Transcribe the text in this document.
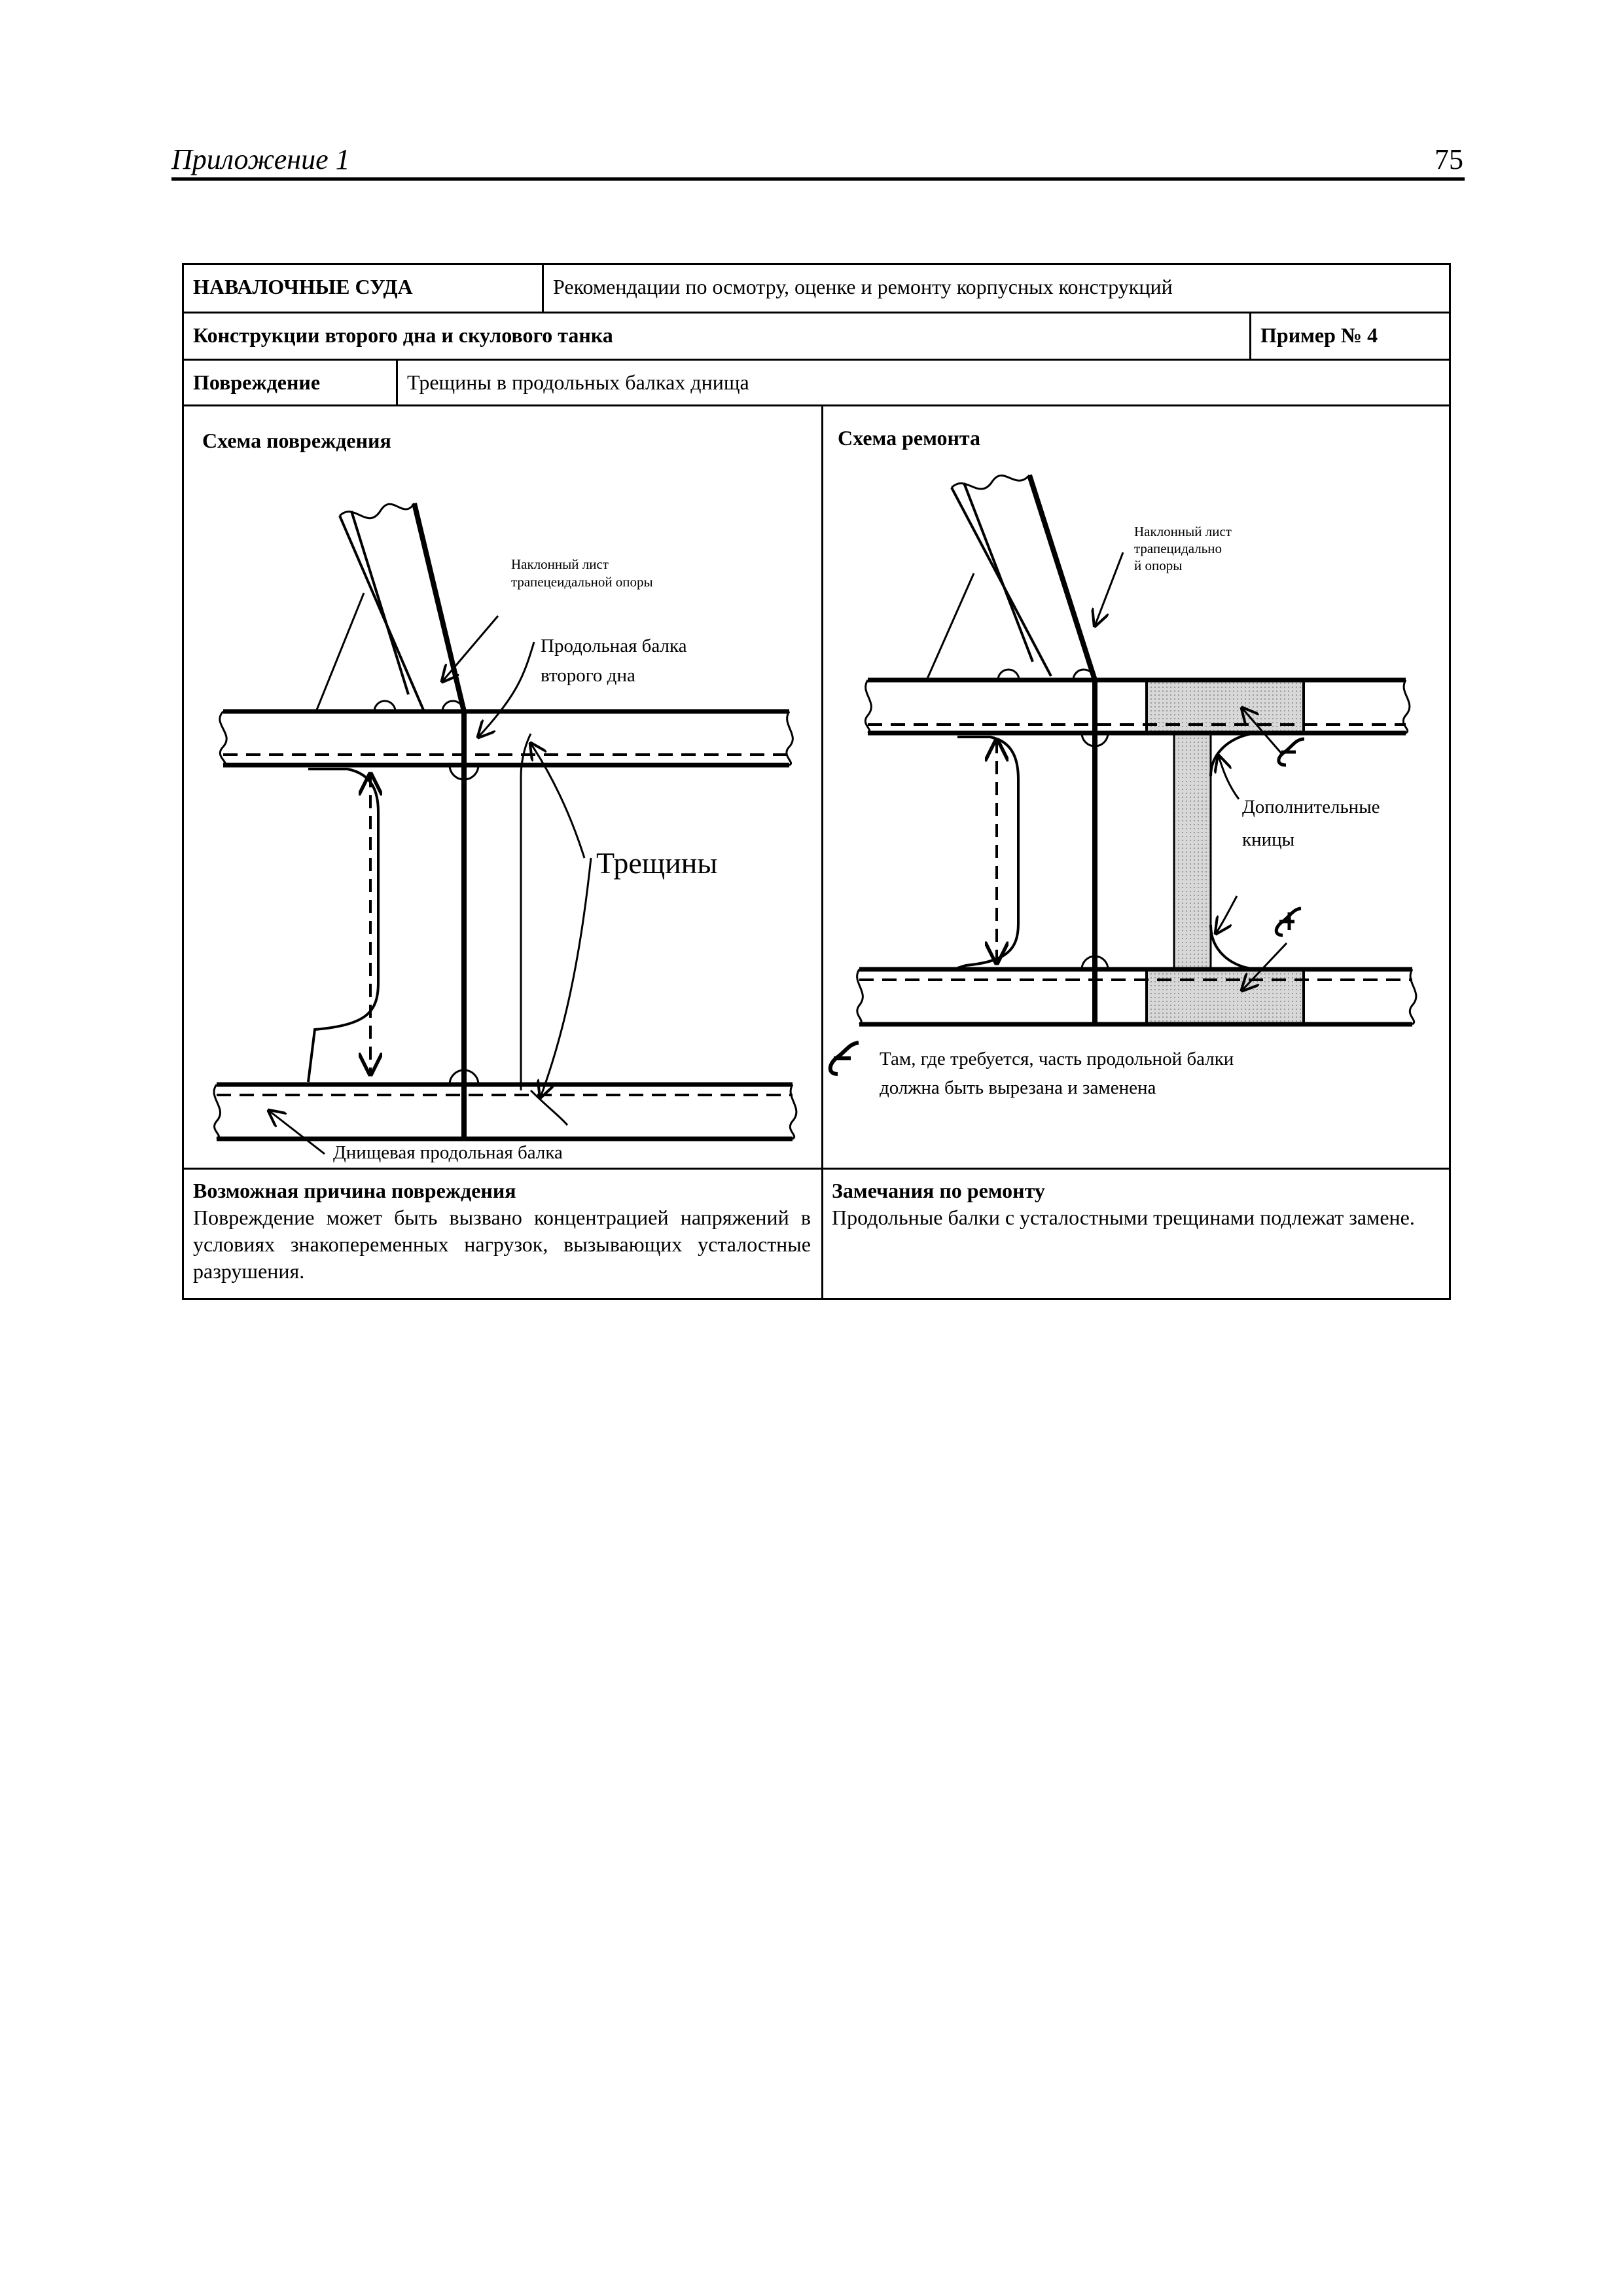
Приложение 1	75
НАВАЛОЧНЫЕ СУДА	Рекомендации по осмотру, оценке и ремонту корпусных конструкций
Конструкции второго дна и скулового танка	Пример № 4
Повреждение	Трещины в продольных балках днища
Схема повреждения
Наклонный лист
трапецеидальной опоры
Продольная балка
второго дна
Трещины
Днищевая продольная балка
Схема ремонта
Наклонный лист
трапецидально
й опоры
Дополнительные
кницы
Там, где требуется, часть продольной балки
должна быть вырезана и заменена
Возможная причина повреждения
Повреждение может быть вызвано концентрацией напряжений в условиях знакопеременных нагрузок, вызывающих усталостные разрушения.
Замечания по ремонту
Продольные балки с усталостными трещинами подлежат замене.
